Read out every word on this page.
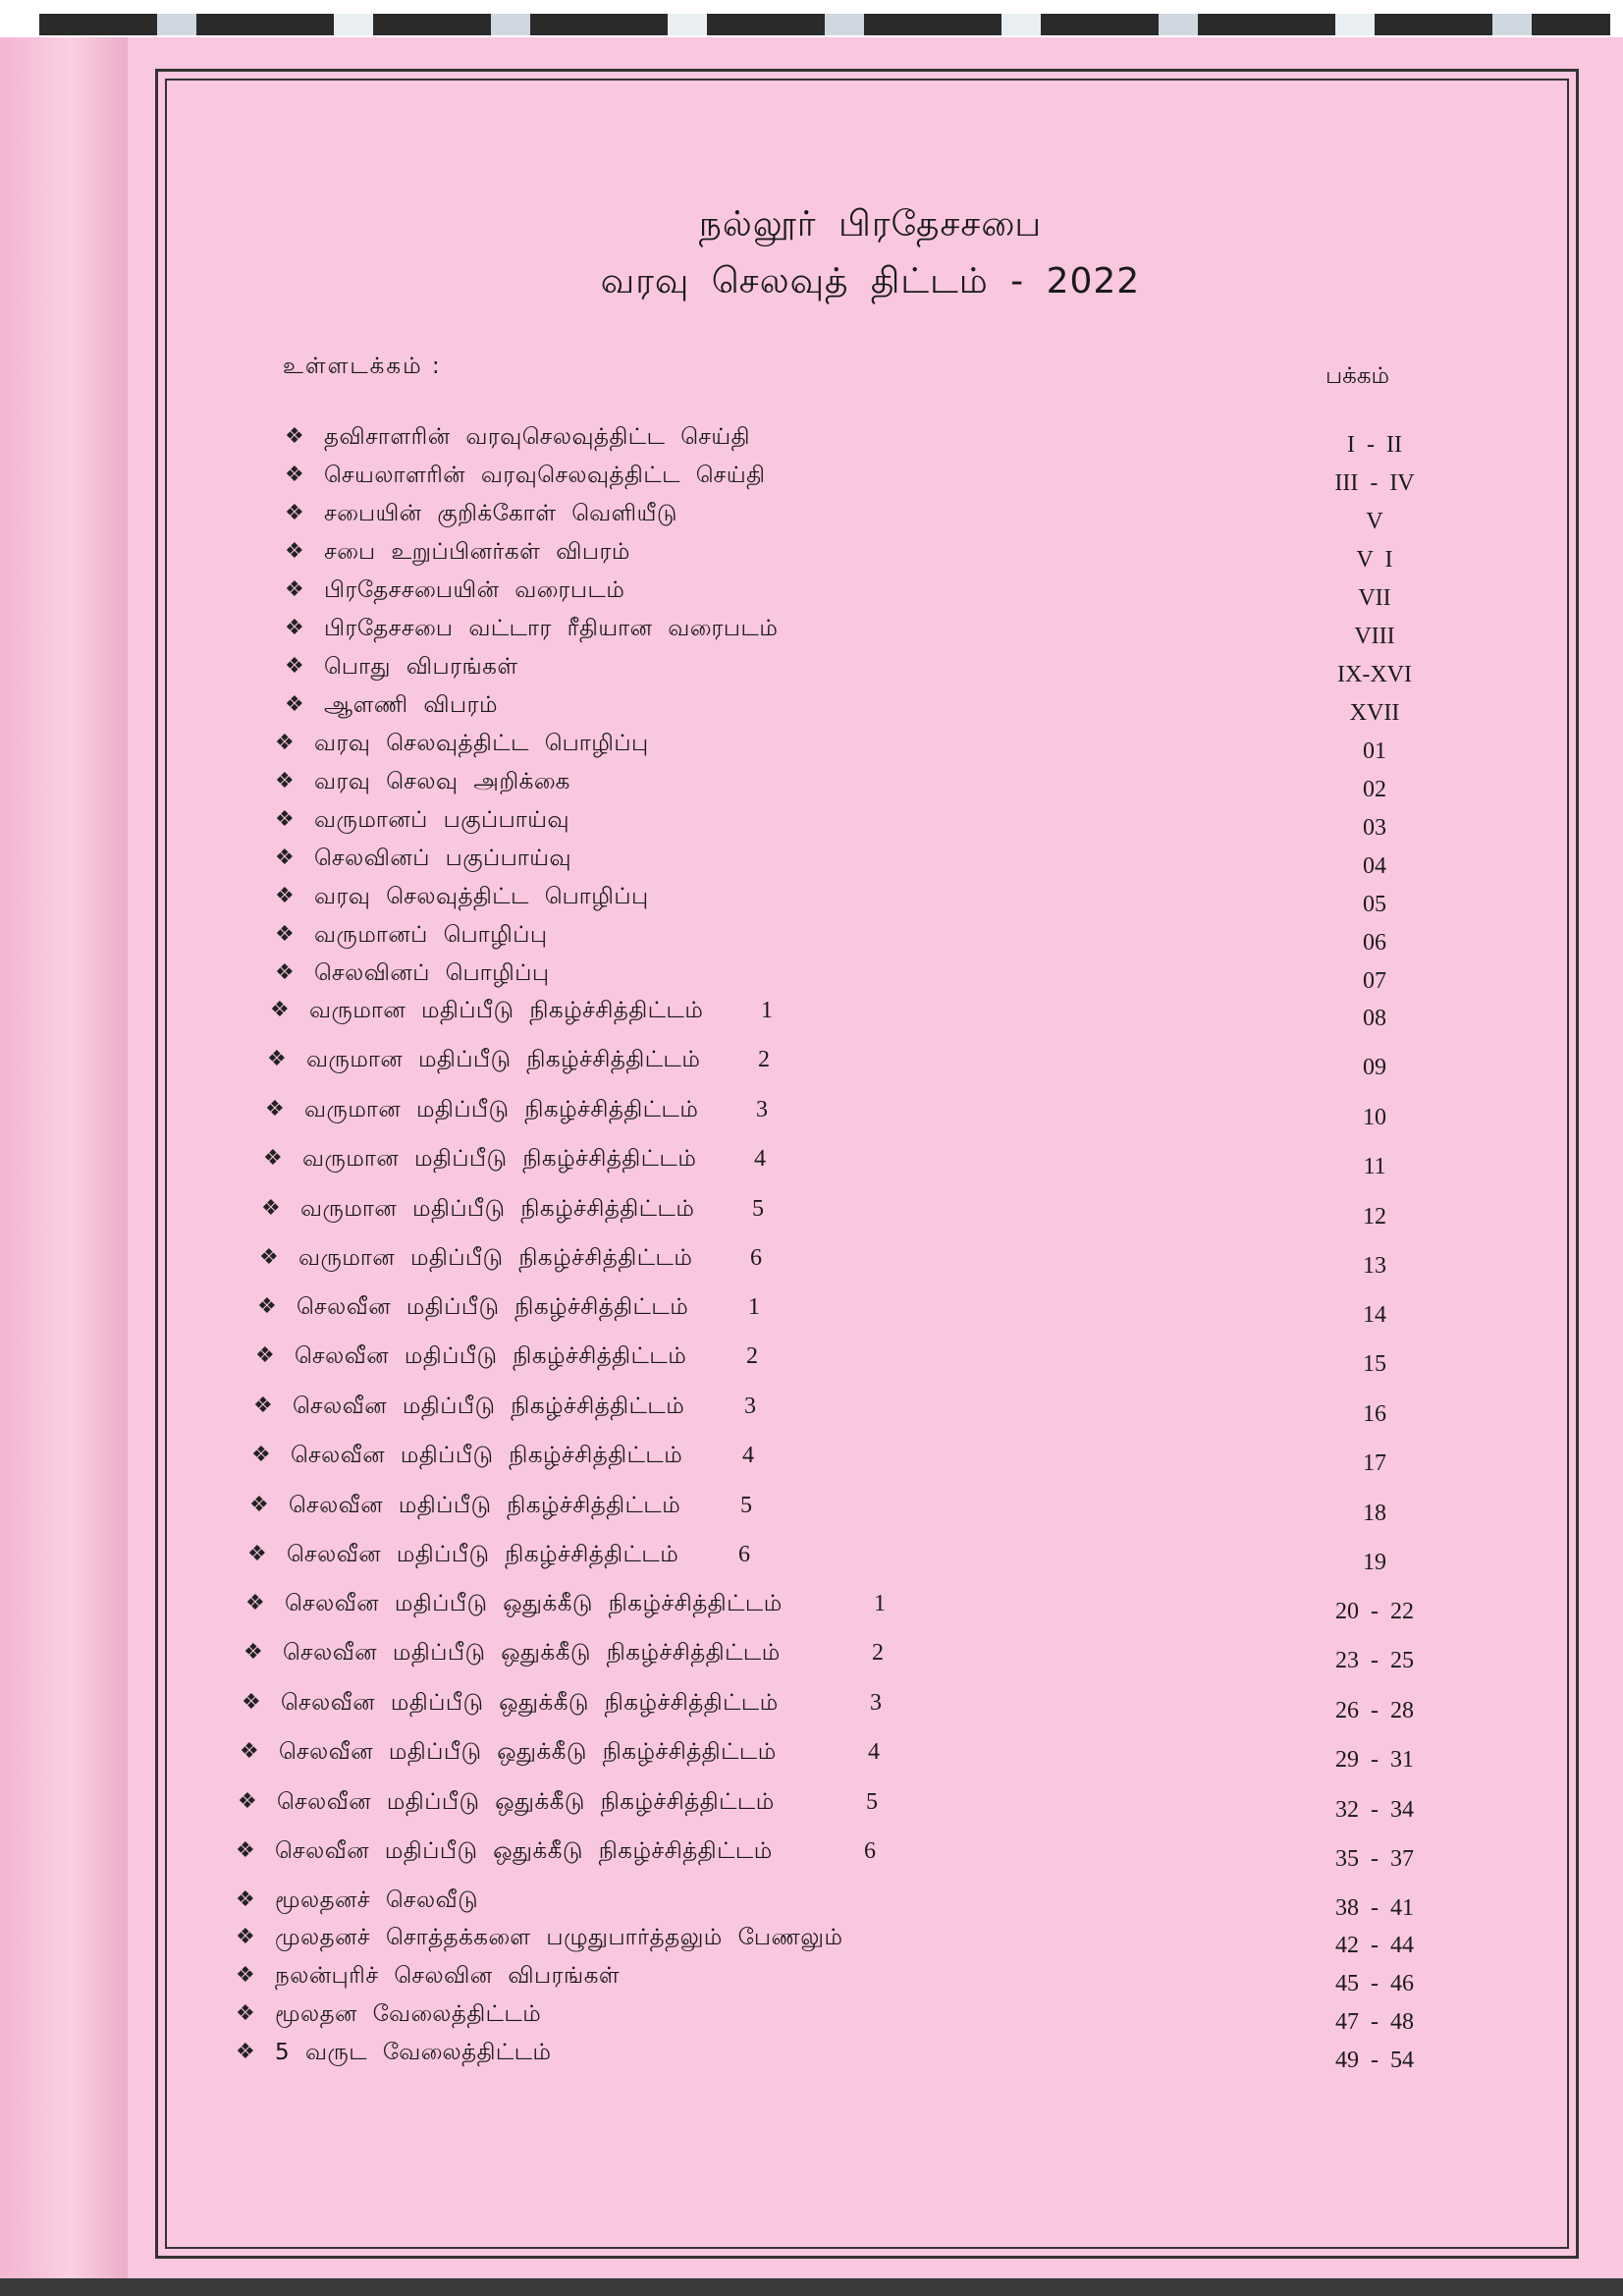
நல்லூர் பிரதேசசபை
வரவு செலவுத் திட்டம் - 2022
உள்ளடக்கம் :	பக்கம்
❖ தவிசாளரின் வரவுசெலவுத்திட்ட செய்தி	I - II
❖ செயலாளரின் வரவுசெலவுத்திட்ட செய்தி	III - IV
❖ சபையின் குறிக்கோள் வெளியீடு	V
❖ சபை உறுப்பினர்கள் விபரம்	V I
❖ பிரதேசசபையின் வரைபடம்	VII
❖ பிரதேசசபை வட்டார ரீதியான வரைபடம்	VIII
❖ பொது விபரங்கள்	IX-XVI
❖ ஆளணி விபரம்	XVII
❖ வரவு செலவுத்திட்ட பொழிப்பு	01
❖ வரவு செலவு அறிக்கை	02
❖ வருமானப் பகுப்பாய்வு	03
❖ செலவினப் பகுப்பாய்வு	04
❖ வரவு செலவுத்திட்ட பொழிப்பு	05
❖ வருமானப் பொழிப்பு	06
❖ செலவினப் பொழிப்பு	07
❖ வருமான மதிப்பீடு நிகழ்ச்சித்திட்டம் 1	08
❖ வருமான மதிப்பீடு நிகழ்ச்சித்திட்டம் 2	09
❖ வருமான மதிப்பீடு நிகழ்ச்சித்திட்டம் 3	10
❖ வருமான மதிப்பீடு நிகழ்ச்சித்திட்டம் 4	11
❖ வருமான மதிப்பீடு நிகழ்ச்சித்திட்டம் 5	12
❖ வருமான மதிப்பீடு நிகழ்ச்சித்திட்டம் 6	13
❖ செலவீன மதிப்பீடு நிகழ்ச்சித்திட்டம்	1	14
❖ செலவீன மதிப்பீடு நிகழ்ச்சித்திட்டம்	2	15
❖ செலவீன மதிப்பீடு நிகழ்ச்சித்திட்டம்	3	16
❖ செலவீன மதிப்பீடு நிகழ்ச்சித்திட்டம்	4	17
❖ செலவீன மதிப்பீடு நிகழ்ச்சித்திட்டம்	5	18
❖ செலவீன மதிப்பீடு நிகழ்ச்சித்திட்டம்	6	19
❖ செலவீன மதிப்பீடு ஒதுக்கீடு நிகழ்ச்சித்திட்டம்	1	20 - 22
❖ செலவீன மதிப்பீடு ஒதுக்கீடு நிகழ்ச்சித்திட்டம்	2	23 - 25
❖ செலவீன மதிப்பீடு ஒதுக்கீடு நிகழ்ச்சித்திட்டம்	3	26 - 28
❖ செலவீன மதிப்பீடு ஒதுக்கீடு நிகழ்ச்சித்திட்டம்	4	29 - 31
❖ செலவீன மதிப்பீடு ஒதுக்கீடு நிகழ்ச்சித்திட்டம்	5	32 - 34
❖ செலவீன மதிப்பீடு ஒதுக்கீடு நிகழ்ச்சித்திட்டம்	6	35 - 37
❖ மூலதனச் செலவீடு	38 - 41
❖ முலதனச் சொத்தக்களை பழுதுபார்த்தலும் பேணலும்	42 - 44
❖ நலன்புரிச் செலவின விபரங்கள்	45 - 46
❖ மூலதன வேலைத்திட்டம்	47 - 48
❖ 5 வருட வேலைத்திட்டம்	49 - 54
